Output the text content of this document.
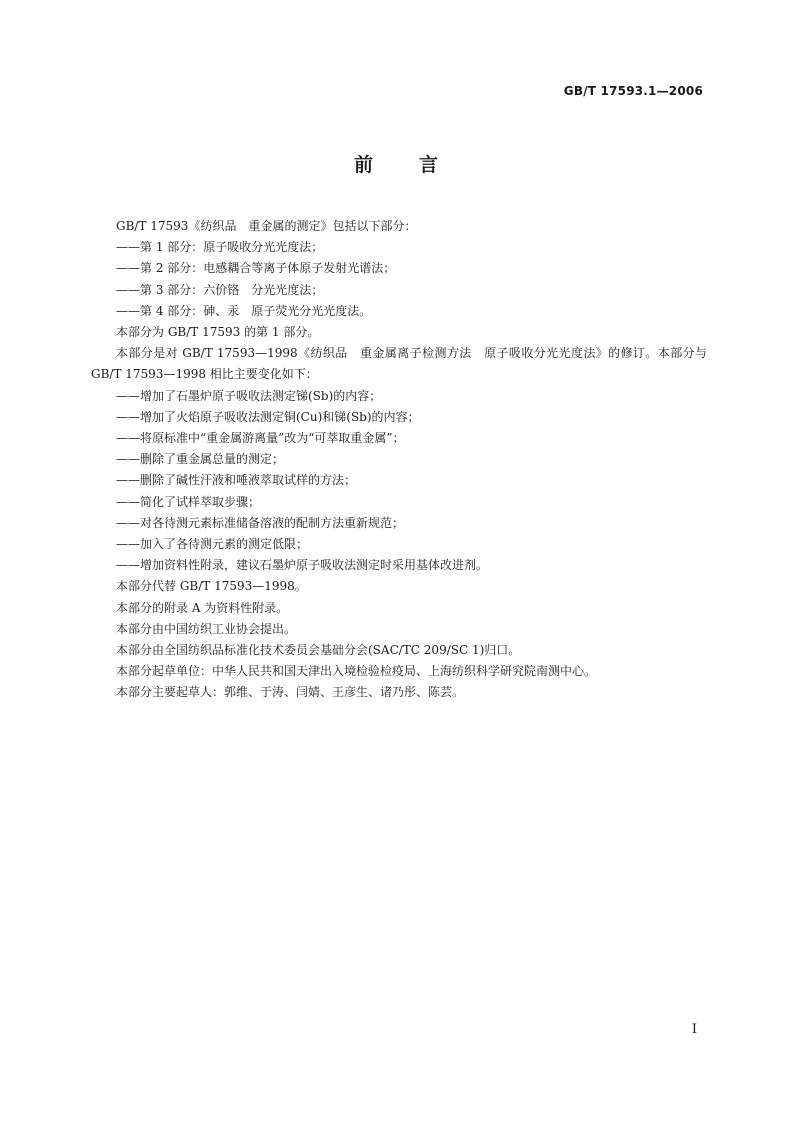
GB/T 17593.1—2006
前 言

GB/T 17593《纺织品　重金属的测定》包括以下部分：

——第 1 部分：原子吸收分光光度法；

——第 2 部分：电感耦合等离子体原子发射光谱法；

——第 3 部分：六价铬　分光光度法；

——第 4 部分：砷、汞　原子荧光分光光度法。

本部分为 GB/T 17593 的第 1 部分。

本部分是对 GB/T 17593—1998《纺织品　重金属离子检测方法　原子吸收分光光度法》的修订。本部分与 GB/T 17593—1998 相比主要变化如下：

——增加了石墨炉原子吸收法测定锑(Sb)的内容；

——增加了火焰原子吸收法测定铜(Cu)和锑(Sb)的内容；

——将原标准中“重金属游离量”改为“可萃取重金属”；

——删除了重金属总量的测定；

——删除了碱性汗液和唾液萃取试样的方法；

——简化了试样萃取步骤；

——对各待测元素标准储备溶液的配制方法重新规范；

——加入了各待测元素的测定低限；

——增加资料性附录，建议石墨炉原子吸收法测定时采用基体改进剂。

本部分代替 GB/T 17593—1998。

本部分的附录 A 为资料性附录。

本部分由中国纺织工业协会提出。

本部分由全国纺织品标准化技术委员会基础分会(SAC/TC 209/SC 1)归口。

本部分起草单位：中华人民共和国天津出入境检验检疫局、上海纺织科学研究院南测中心。

本部分主要起草人：郭维、于涛、闫婧、王彦生、诸乃彤、陈芸。

I
